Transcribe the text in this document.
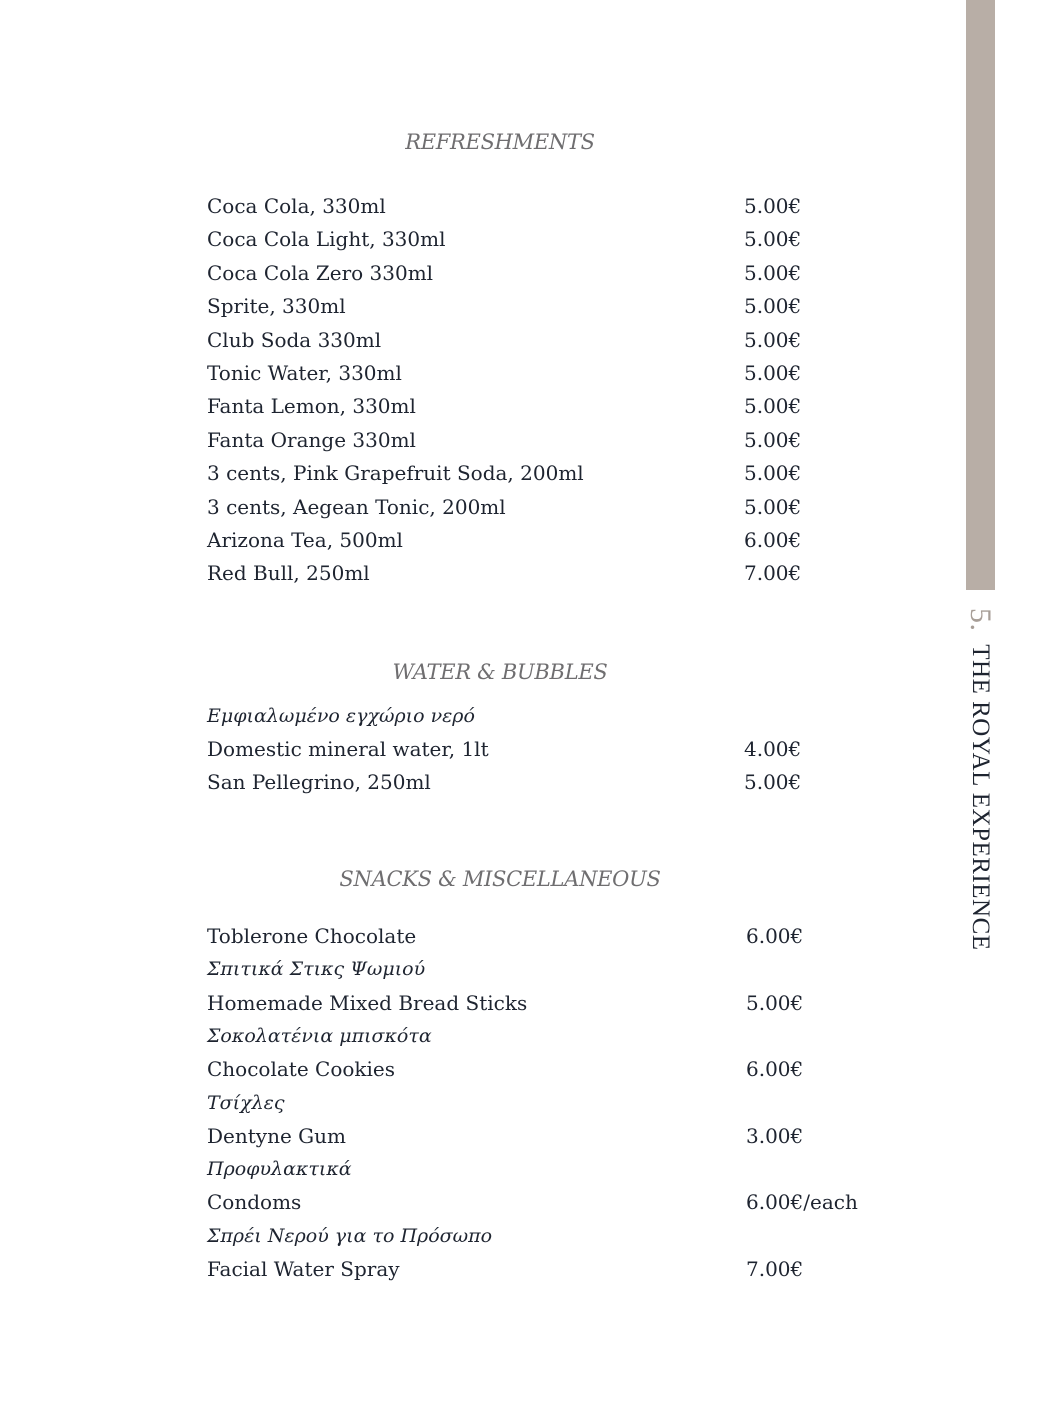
5. THE ROYAL EXPERIENCE
REFRESHMENTS
Coca Cola, 330ml	5.00€
Coca Cola Light, 330ml	5.00€
Coca Cola Zero 330ml	5.00€
Sprite, 330ml	5.00€
Club Soda 330ml	5.00€
Tonic Water, 330ml	5.00€
Fanta Lemon, 330ml	5.00€
Fanta Orange 330ml	5.00€
3 cents, Pink Grapefruit Soda, 200ml	5.00€
3 cents, Aegean Tonic, 200ml	5.00€
Arizona Tea, 500ml	6.00€
Red Bull, 250ml	7.00€
WATER & BUBBLES
Εμφιαλωμένο εγχώριο νερό
Domestic mineral water, 1lt	4.00€
San Pellegrino, 250ml	5.00€
SNACKS & MISCELLANEOUS
Toblerone Chocolate	6.00€
Σπιτικά Στικς Ψωμιού
Homemade Mixed Bread Sticks	5.00€
Σοκολατένια μπισκότα
Chocolate Cookies	6.00€
Τσίχλες
Dentyne Gum	3.00€
Προφυλακτικά
Condoms	6.00€/each
Σπρέι Νερού για το Πρόσωπο
Facial Water Spray	7.00€
